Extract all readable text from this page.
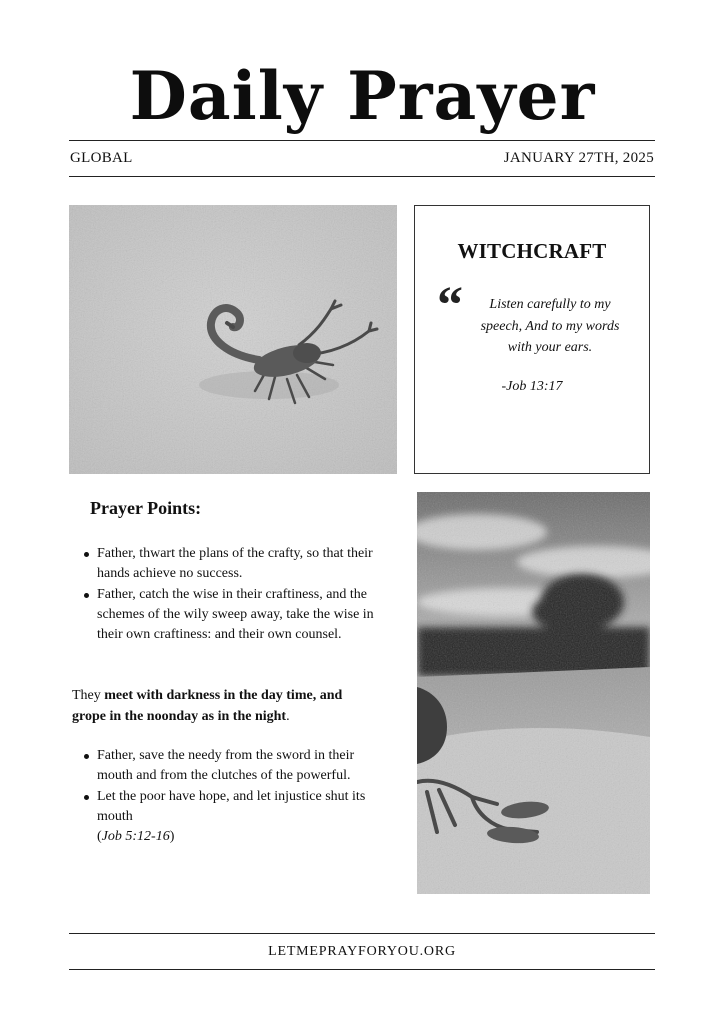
Daily Prayer
GLOBAL	JANUARY 27TH, 2025
WITCHCRAFT
“	Listen carefully to my speech, And to my words with your ears.
-Job 13:17
Prayer Points:
Father, thwart the plans of the crafty, so that their hands achieve no success.
Father, catch the wise in their craftiness, and the schemes of the wily sweep away, take the wise in their own craftiness: and their own counsel.

They meet with darkness in the day time, and grope in the noonday as in the night.

Father, save the needy from the sword in their mouth and from the clutches of the powerful.
Let the poor have hope, and let injustice shut its mouth
(Job 5:12-16)
LETMEPRAYFORYOU.ORG
